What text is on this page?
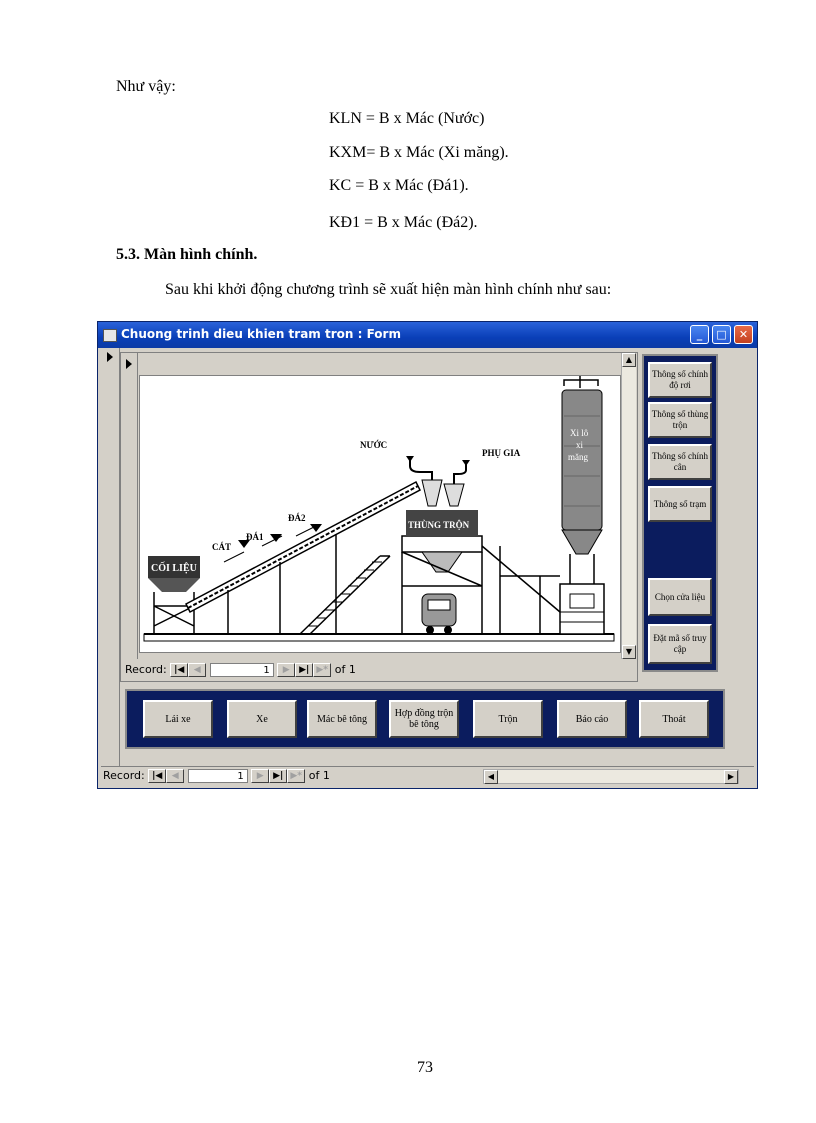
Như vậy:
KLN = B x Mác (Nước)
KXM= B x Mác (Xi măng).
KC = B x Mác (Đá1).
KĐ1 = B x Mác (Đá2).
5.3. Màn hình chính.
Sau khi khởi động chương trình sẽ xuất hiện màn hình chính như sau:
73
Chuong trinh dieu khien tram tron : Form	_	□	✕
CỐI LIỆU
CÁT
ĐÁ1
ĐÁ2
THÙNG TRỘN
NƯỚC
PHỤ GIA
Xi lô
xi
măng
▲
▼
Record: |◀ ◀	1 ▶ ▶| ▶* of 1
Thông số chính độ rơi
Thông số thùng trộn
Thông số chính cân
Thông số trạm
Chọn cửa liệu
Đặt mã số truy cập
Lái xe	Xe	Mác bê tông	Hợp đồng trộn bê tông	Trộn	Báo cáo	Thoát
Record: |◀ ◀	1 ▶ ▶| ▶* of 1	◀	▶
